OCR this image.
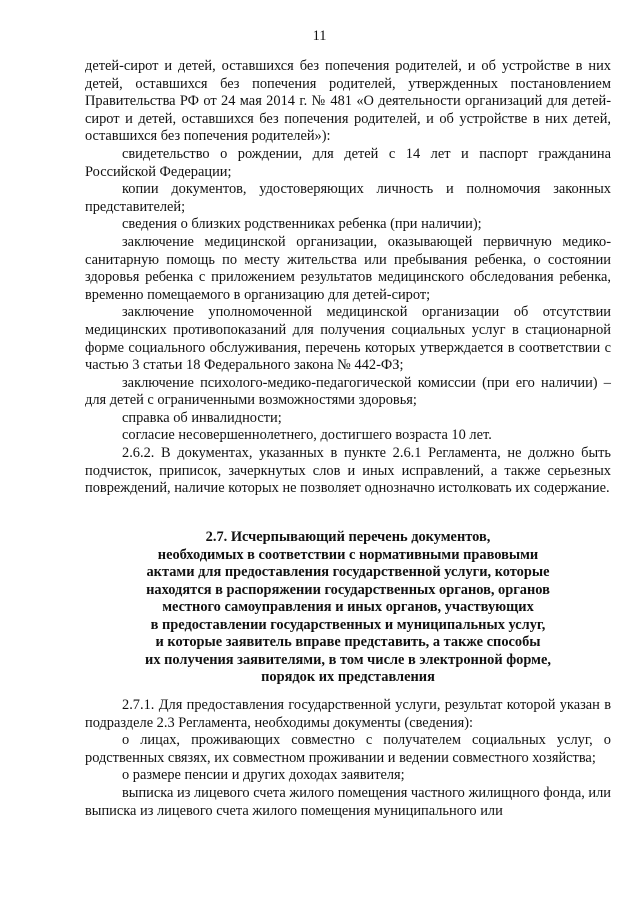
11

детей-сирот и детей, оставшихся без попечения родителей, и об устройстве в них детей, оставшихся без попечения родителей, утвержденных постановлением Правительства РФ от 24 мая 2014 г. № 481 «О деятельности организаций для детей-сирот и детей, оставшихся без попечения родителей, и об устройстве в них детей, оставшихся без попечения родителей»):

свидетельство о рождении, для детей с 14 лет и паспорт гражданина Российской Федерации;

копии документов, удостоверяющих личность и полномочия законных представителей;

сведения о близких родственниках ребенка (при наличии);

заключение медицинской организации, оказывающей первичную медико-санитарную помощь по месту жительства или пребывания ребенка, о состоянии здоровья ребенка с приложением результатов медицинского обследования ребенка, временно помещаемого в организацию для детей-сирот;

заключение уполномоченной медицинской организации об отсутствии медицинских противопоказаний для получения социальных услуг в стационарной форме социального обслуживания, перечень которых утверждается в соответствии с частью 3 статьи 18 Федерального закона № 442-ФЗ;

заключение психолого-медико-педагогической комиссии (при его наличии) – для детей с ограниченными возможностями здоровья;

справка об инвалидности;

согласие несовершеннолетнего, достигшего возраста 10 лет.

2.6.2. В документах, указанных в пункте 2.6.1 Регламента, не должно быть подчисток, приписок, зачеркнутых слов и иных исправлений, а также серьезных повреждений, наличие которых не позволяет однозначно истолковать их содержание.

2.7. Исчерпывающий перечень документов,
необходимых в соответствии с нормативными правовыми
актами для предоставления государственной услуги, которые
находятся в распоряжении государственных органов, органов
местного самоуправления и иных органов, участвующих
в предоставлении государственных и муниципальных услуг,
и которые заявитель вправе представить, а также способы
их получения заявителями, в том числе в электронной форме,
порядок их представления

2.7.1. Для предоставления государственной услуги, результат которой указан в подразделе 2.3 Регламента, необходимы документы (сведения):

о лицах, проживающих совместно с получателем социальных услуг, о родственных связях, их совместном проживании и ведении совместного хозяйства;

о размере пенсии и других доходах заявителя;

выписка из лицевого счета жилого помещения частного жилищного фонда, или выписка из лицевого счета жилого помещения муниципального или
